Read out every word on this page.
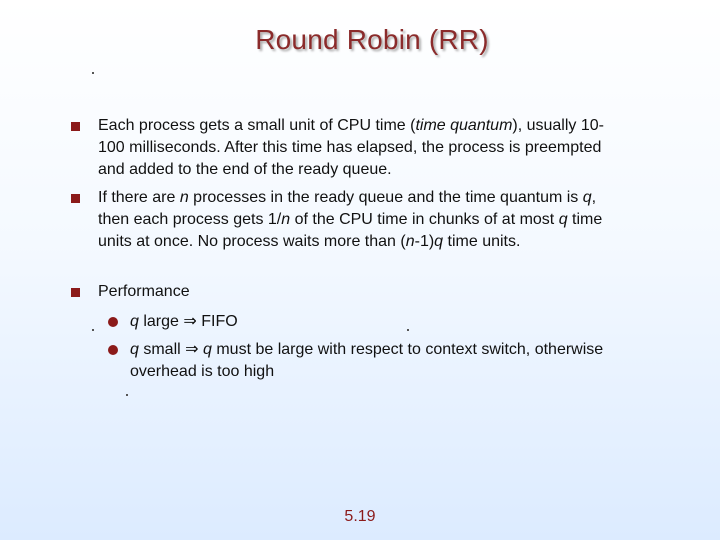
Round Robin (RR)
Each process gets a small unit of CPU time (time quantum), usually 10-100 milliseconds. After this time has elapsed, the process is preempted and added to the end of the ready queue.
If there are n processes in the ready queue and the time quantum is q, then each process gets 1/n of the CPU time in chunks of at most q time units at once. No process waits more than (n-1)q time units.
Performance
q large ⇒ FIFO
q small ⇒ q must be large with respect to context switch, otherwise overhead is too high
5.19
